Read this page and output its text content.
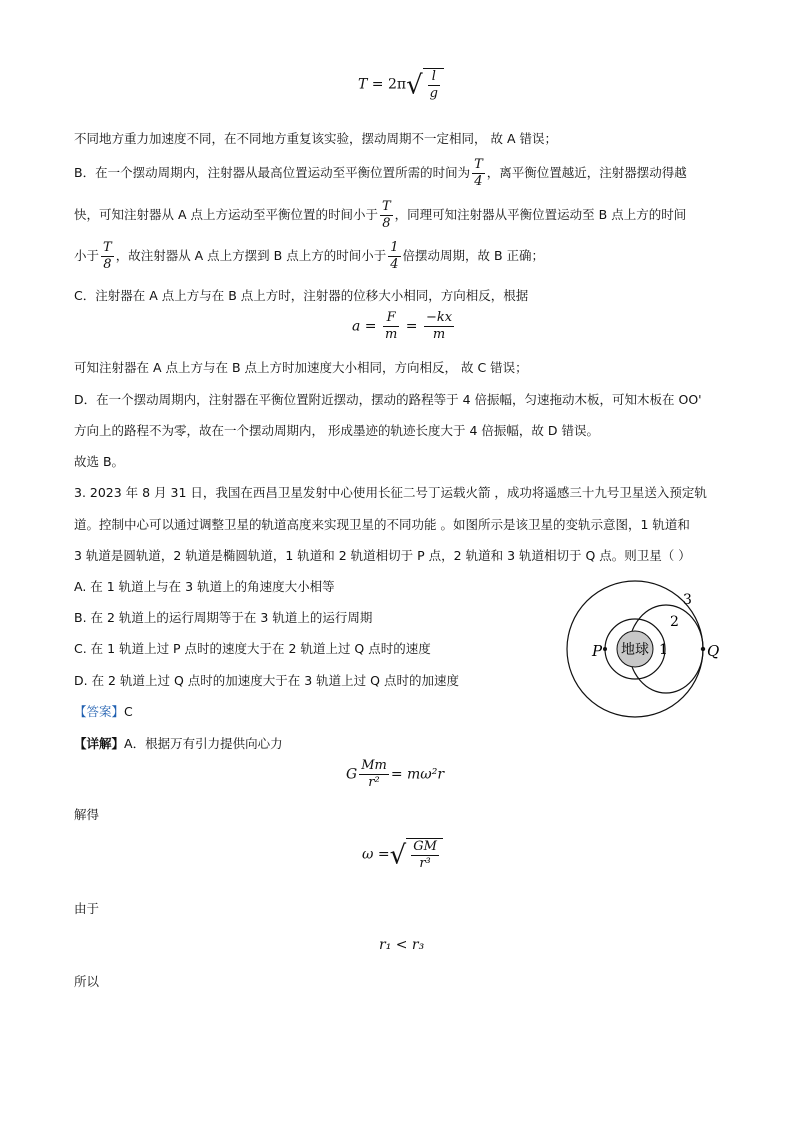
$T = 2\pi√ \frac{l}{g}$
不同地方重力加速度不同，在不同地方重复该实验，摆动周期不一定相同， 故 A 错误；
B．在一个摆动周期内，注射器从最高位置运动至平衡位置所需的时间为 $\frac{T}{4}$ ，离平衡位置越近，注射器摆动得越
快，可知注射器从 A 点上方运动至平衡位置的时间小于 $\frac{T}{8}$ ，同理可知注射器从平衡位置运动至 B 点上方的时间
小于 $\frac{T}{8}$ ，故注射器从 A 点上方摆到 B 点上方的时间小于 $\frac{1}{4}$ 倍摆动周期，故 B 正确；
C．注射器在 A 点上方与在 B 点上方时，注射器的位移大小相同，方向相反，根据
$a = \frac{F}{m} = \frac{-kx}{m}$
可知注射器在 A 点上方与在 B 点上方时加速度大小相同，方向相反， 故 C 错误；
D．在一个摆动周期内，注射器在平衡位置附近摆动，摆动的路程等于 4 倍振幅，匀速拖动木板，可知木板在 OO'
方向上的路程不为零，故在一个摆动周期内， 形成墨迹的轨迹长度大于 4 倍振幅，故 D 错误。
故选 B。
3. 2023 年 8 月 31 日，我国在西昌卫星发射中心使用长征二号丁运载火箭 ，成功将遥感三十九号卫星送入预定轨
道。控制中心可以通过调整卫星的轨道高度来实现卫星的不同功能 。如图所示是该卫星的变轨示意图，1 轨道和
3 轨道是圆轨道，2 轨道是椭圆轨道，1 轨道和 2 轨道相切于 P 点，2 轨道和 3 轨道相切于 Q 点。则卫星（ ）
A. 在 1 轨道上与在 3 轨道上的角速度大小相等
B. 在 2 轨道上的运行周期等于在 3 轨道上的运行周期
C. 在 1 轨道上过 P 点时的速度大于在 2 轨道上过 Q 点时的速度
D. 在 2 轨道上过 Q 点时的加速度大于在 3 轨道上过 Q 点时的加速度
地球
P	Q
1
2
3
【答案】C
【详解】A．根据万有引力提供向心力
G $\frac{Mm}{\text{r²}} = m\omega^2r$
解得
ω =√ $\frac{GM}{\text{r³}}$
由于
r₁ < r₃
所以
